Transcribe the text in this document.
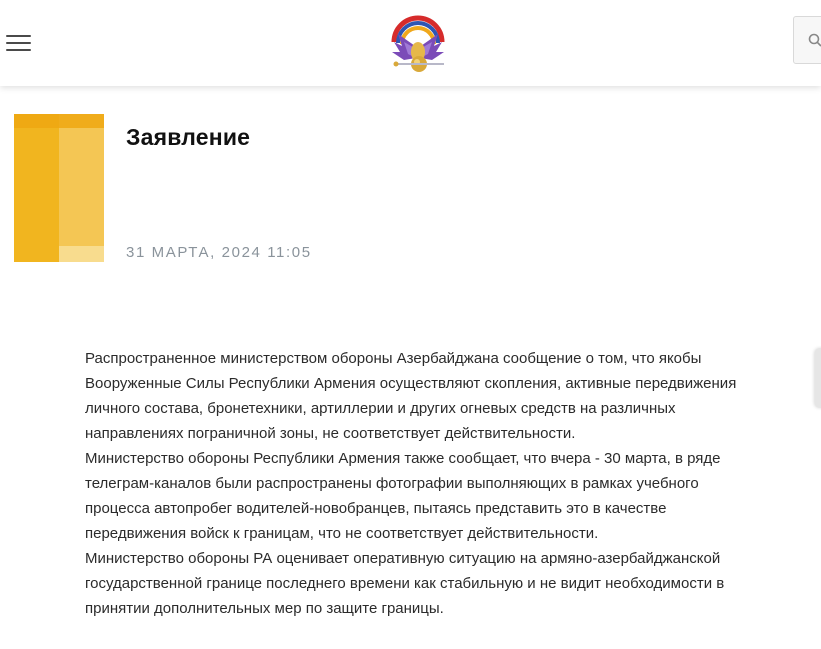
Заявление
31 МАРТА, 2024 11:05

Распространенное министерством обороны Азербайджана сообщение о том, что якобы

Вооруженные Силы Республики Армения осуществляют скопления, активные передвижения

личного состава, бронетехники, артиллерии и других огневых средств на различных

направлениях пограничной зоны, не соответствует действительности.

Министерство обороны Республики Армения также сообщает, что вчера - 30 марта, в ряде

телеграм-каналов были распространены фотографии выполняющих в рамках учебного

процесса автопробег водителей-новобранцев, пытаясь представить это в качестве

передвижения войск к границам, что не соответствует действительности.

Министерство обороны РА оценивает оперативную ситуацию на армяно-азербайджанской

государственной границе последнего времени как стабильную и не видит необходимости в

принятии дополнительных мер по защите границы.
